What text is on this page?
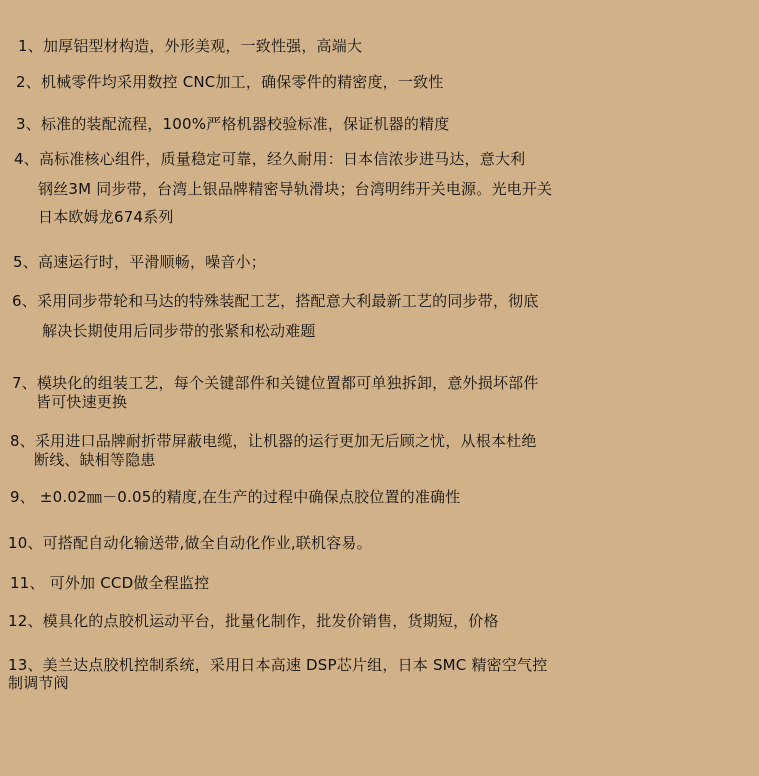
1、加厚铝型材构造，外形美观，一致性强，高端大
2、机械零件均采用数控 CNC加工，确保零件的精密度，一致性
3、标准的装配流程，100%严格机器校验标准，保证机器的精度
4、高标准核心组件，质量稳定可靠，经久耐用：日本信浓步进马达，意大利
钢丝3M 同步带，台湾上银品牌精密导轨滑块；台湾明纬开关电源。光电开关
日本欧姆龙674系列
5、高速运行时，平滑顺畅，噪音小；
6、采用同步带轮和马达的特殊装配工艺，搭配意大利最新工艺的同步带，彻底
解决长期使用后同步带的张紧和松动难题
7、模块化的组装工艺，每个关键部件和关键位置都可单独拆卸，意外损坏部件
皆可快速更换
8、采用进口品牌耐折带屏蔽电缆，让机器的运行更加无后顾之忧，从根本杜绝
断线、缺相等隐患
9、 ±0.02㎜－0.05的精度,在生产的过程中确保点胶位置的准确性
10、可搭配自动化输送带,做全自动化作业,联机容易。
11、 可外加 CCD做全程监控
12、模具化的点胶机运动平台，批量化制作，批发价销售，货期短，价格
13、美兰达点胶机控制系统，采用日本高速 DSP芯片组，日本 SMC 精密空气控
制调节阀
